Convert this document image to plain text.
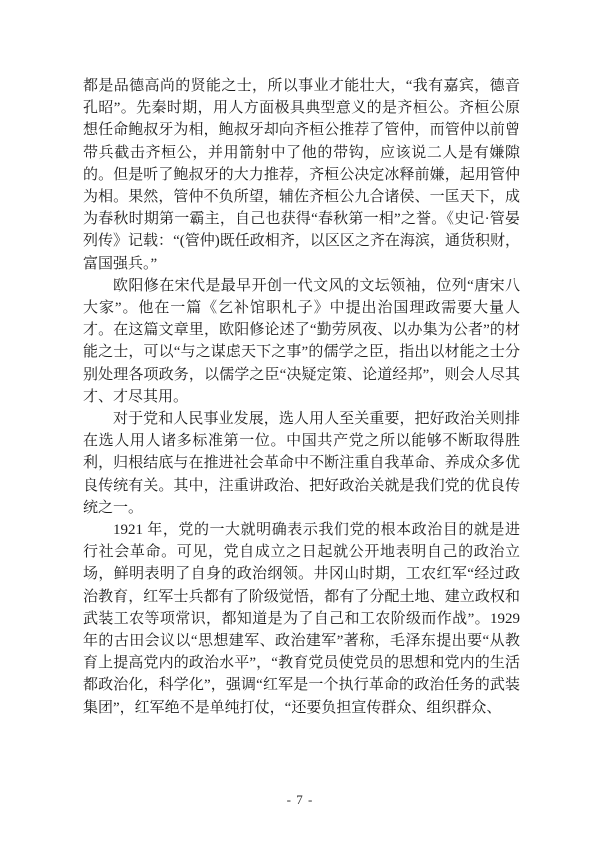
都是品德高尚的贤能之士，所以事业才能壮大，“我有嘉宾，德音孔昭”。先秦时期，用人方面极具典型意义的是齐桓公。齐桓公原想任命鲍叔牙为相，鲍叔牙却向齐桓公推荐了管仲，而管仲以前曾带兵截击齐桓公，并用箭射中了他的带钩，应该说二人是有嫌隙的。但是听了鲍叔牙的大力推荐，齐桓公决定冰释前嫌，起用管仲为相。果然，管仲不负所望，辅佐齐桓公九合诸侯、一匡天下，成为春秋时期第一霸主，自己也获得“春秋第一相”之誉。《史记·管晏列传》记载：“(管仲)既任政相齐，以区区之齐在海滨，通货积财，富国强兵。”

欧阳修在宋代是最早开创一代文风的文坛领袖，位列“唐宋八大家”。他在一篇《乞补馆职札子》中提出治国理政需要大量人才。在这篇文章里，欧阳修论述了“勤劳夙夜、以办集为公者”的材能之士，可以“与之谋虑天下之事”的儒学之臣，指出以材能之士分别处理各项政务，以儒学之臣“决疑定策、论道经邦”，则会人尽其才、才尽其用。

对于党和人民事业发展，选人用人至关重要，把好政治关则排在选人用人诸多标准第一位。中国共产党之所以能够不断取得胜利，归根结底与在推进社会革命中不断注重自我革命、养成众多优良传统有关。其中，注重讲政治、把好政治关就是我们党的优良传统之一。

1921 年，党的一大就明确表示我们党的根本政治目的就是进行社会革命。可见，党自成立之日起就公开地表明自己的政治立场，鲜明表明了自身的政治纲领。井冈山时期，工农红军“经过政治教育，红军士兵都有了阶级觉悟，都有了分配土地、建立政权和武装工农等项常识，都知道是为了自己和工农阶级而作战”。1929 年的古田会议以“思想建军、政治建军”著称，毛泽东提出要“从教育上提高党内的政治水平”，“教育党员使党员的思想和党内的生活都政治化，科学化”，强调“红军是一个执行革命的政治任务的武装集团”，红军绝不是单纯打仗，“还要负担宣传群众、组织群众、

- 7 -
